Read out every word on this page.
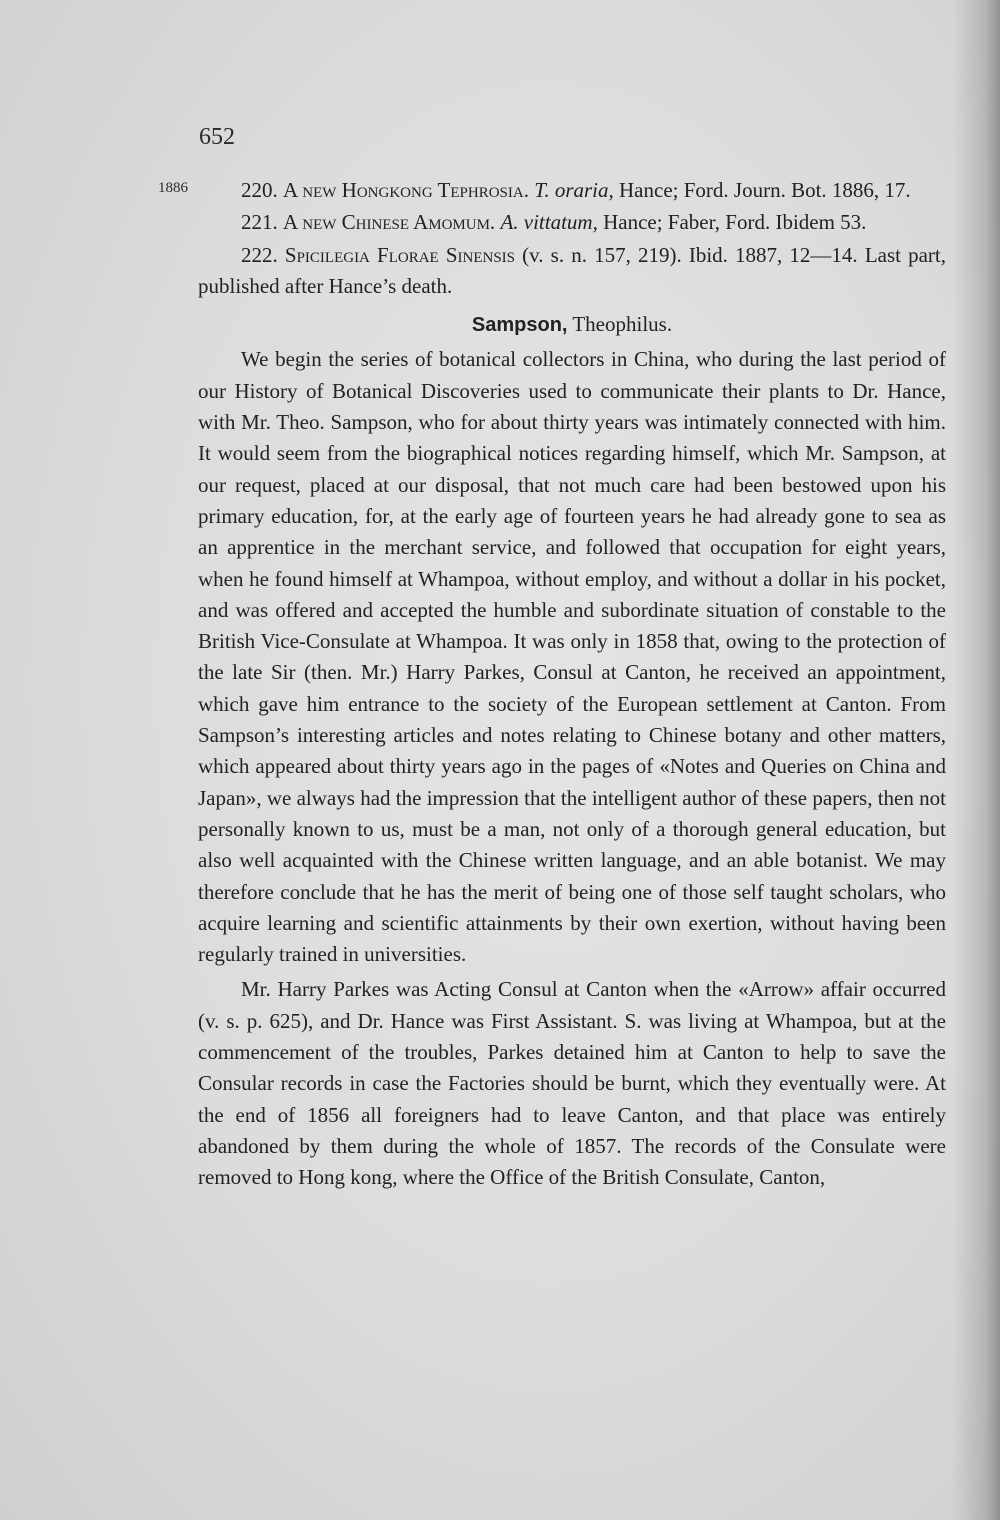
652
1886	220. A new Hongkong Tephrosia. T. oraria, Hance; Ford. Journ. Bot. 1886, 17.

221. A new Chinese Amomum. A. vittatum, Hance; Faber, Ford. Ibidem 53.

222. Spicilegia Florae Sinensis (v. s. n. 157, 219). Ibid. 1887, 12—14. Last part, published after Hance’s death.

Sampson, Theophilus.

We begin the series of botanical collectors in China, who during the last period of our History of Botanical Discoveries used to communicate their plants to Dr. Hance, with Mr. Theo. Sampson, who for about thirty years was intimately connected with him. It would seem from the biographical notices regarding himself, which Mr. Sampson, at our request, placed at our disposal, that not much care had been bestowed upon his primary education, for, at the early age of fourteen years he had already gone to sea as an apprentice in the merchant service, and followed that occupation for eight years, when he found himself at Whampoa, without employ, and without a dollar in his pocket, and was offered and accepted the humble and subordinate situation of constable to the British Vice-Consulate at Whampoa. It was only in 1858 that, owing to the protection of the late Sir (then. Mr.) Harry Parkes, Consul at Canton, he received an appointment, which gave him entrance to the society of the European settlement at Canton. From Sampson’s interesting articles and notes relating to Chinese botany and other matters, which appeared about thirty years ago in the pages of «Notes and Queries on China and Japan», we always had the impression that the intelligent author of these papers, then not personally known to us, must be a man, not only of a thorough general education, but also well acquainted with the Chinese written language, and an able botanist. We may therefore conclude that he has the merit of being one of those self taught scholars, who acquire learning and scientific attainments by their own exertion, without having been regularly trained in universities.

Mr. Harry Parkes was Acting Consul at Canton when the «Arrow» affair occurred (v. s. p. 625), and Dr. Hance was First Assistant. S. was living at Whampoa, but at the commencement of the troubles, Parkes detained him at Canton to help to save the Consular records in case the Factories should be burnt, which they eventually were. At the end of 1856 all foreigners had to leave Canton, and that place was entirely abandoned by them during the whole of 1857. The records of the Consulate were removed to Hong kong, where the Office of the British Consulate, Canton,
